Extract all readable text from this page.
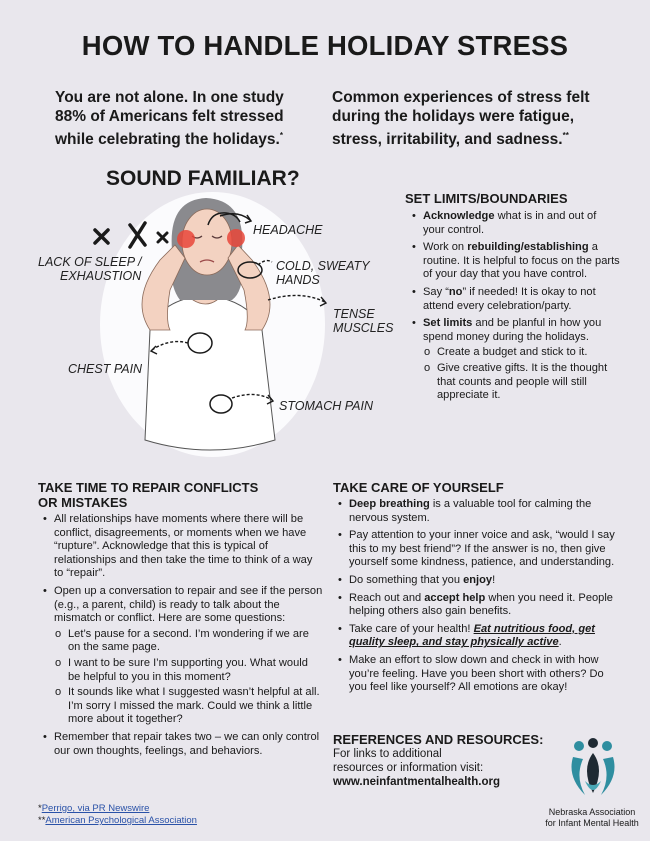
HOW TO HANDLE HOLIDAY STRESS
You are not alone. In one study 88% of Americans felt stressed while celebrating the holidays.*
Common experiences of stress felt during the holidays were fatigue, stress, irritability, and sadness.**
SOUND FAMILIAR?
HEADACHE
LACK OF SLEEP /
EXHAUSTION
COLD, SWEATY
HANDS
TENSE
MUSCLES
CHEST PAIN
STOMACH PAIN
SET LIMITS/BOUNDARIES
• Acknowledge what is in and out of your control.
• Work on rebuilding/establishing a routine. It is helpful to focus on the parts of your day that you have control.
• Say “no” if needed! It is okay to not attend every celebration/party.
• Set limits and be planful in how you spend money during the holidays.
o Create a budget and stick to it.
o Give creative gifts. It is the thought that counts and people will still appreciate it.
TAKE TIME TO REPAIR CONFLICTS
OR MISTAKES
• All relationships have moments where there will be conflict, disagreements, or moments when we have “rupture”. Acknowledge that this is typical of relationships and then take the time to think of a way to “repair”.
• Open up a conversation to repair and see if the person (e.g., a parent, child) is ready to talk about the mismatch or conflict. Here are some questions:
o Let’s pause for a second. I’m wondering if we are on the same page.
o I want to be sure I’m supporting you. What would be helpful to you in this moment?
o It sounds like what I suggested wasn’t helpful at all. I’m sorry I missed the mark. Could we think a little more about it together?
• Remember that repair takes two – we can only control our own thoughts, feelings, and behaviors.
TAKE CARE OF YOURSELF
• Deep breathing is a valuable tool for calming the nervous system.
• Pay attention to your inner voice and ask, “would I say this to my best friend”? If the answer is no, then give yourself some kindness, patience, and understanding.
• Do something that you enjoy!
• Reach out and accept help when you need it. People helping others also gain benefits.
• Take care of your health! Eat nutritious food, get quality sleep, and stay physically active.
• Make an effort to slow down and check in with how you’re feeling. Have you been short with others? Do you feel like yourself? All emotions are okay!
REFERENCES AND RESOURCES:
For links to additional
resources or information visit:
www.neinfantmentalhealth.org
Nebraska Association
for Infant Mental Health
*Perrigo, via PR Newswire
**American Psychological Association
